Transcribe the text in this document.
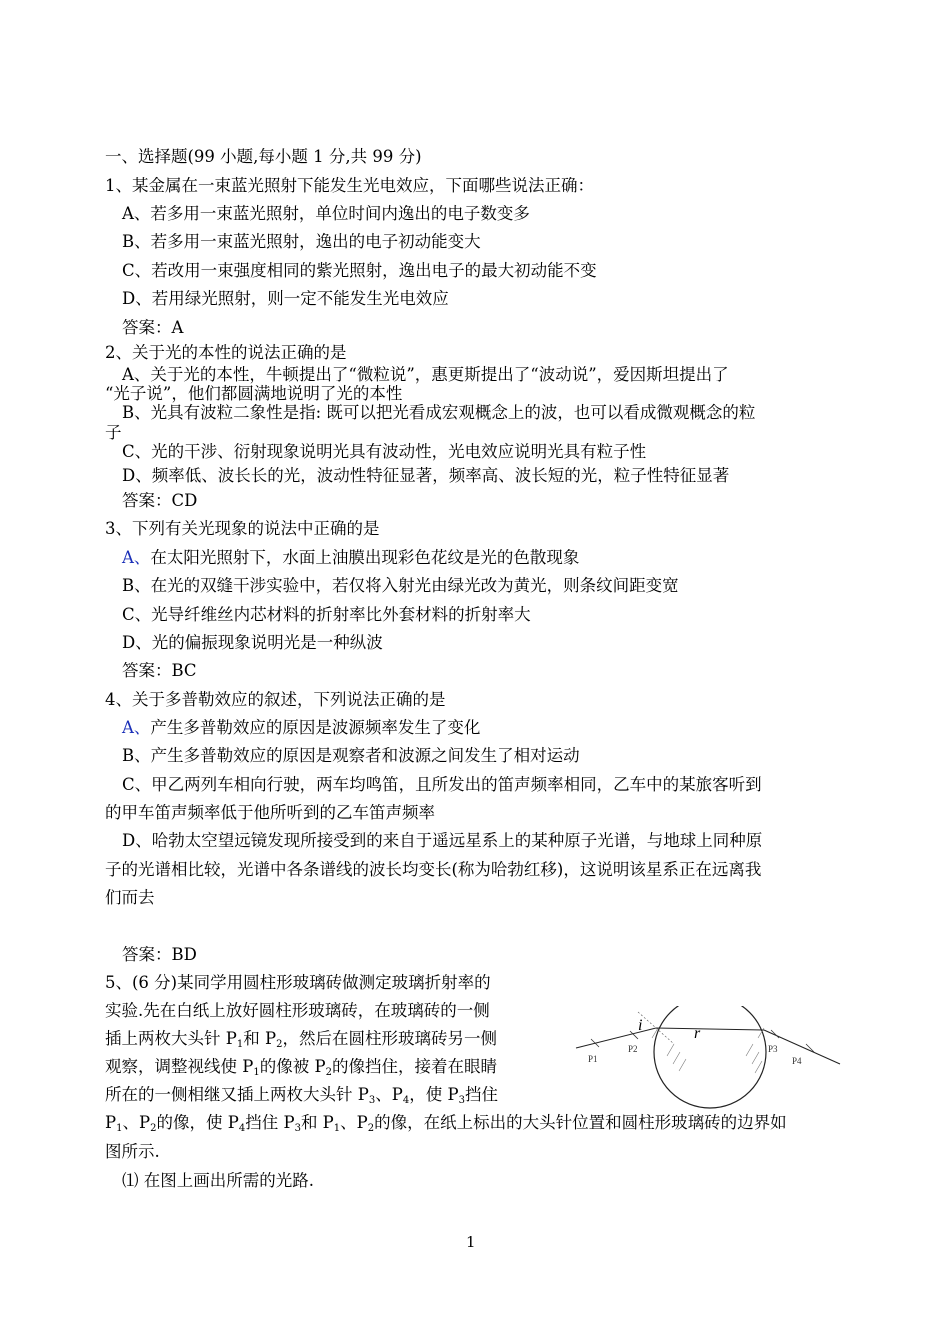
一、选择题(99 小题,每小题 1 分,共 99 分)
1、某金属在一束蓝光照射下能发生光电效应，下面哪些说法正确：
A、若多用一束蓝光照射，单位时间内逸出的电子数变多
B、若多用一束蓝光照射，逸出的电子初动能变大
C、若改用一束强度相同的紫光照射，逸出电子的最大初动能不变
D、若用绿光照射，则一定不能发生光电效应
答案：A
2、关于光的本性的说法正确的是
A、关于光的本性，牛顿提出了“微粒说”，惠更斯提出了“波动说”，爱因斯坦提出了
“光子说”，他们都圆满地说明了光的本性
B、光具有波粒二象性是指: 既可以把光看成宏观概念上的波，也可以看成微观概念的粒
子
C、光的干涉、衍射现象说明光具有波动性，光电效应说明光具有粒子性
D、频率低、波长长的光，波动性特征显著，频率高、波长短的光，粒子性特征显著
答案：CD
3、下列有关光现象的说法中正确的是
A、在太阳光照射下，水面上油膜出现彩色花纹是光的色散现象
B、在光的双缝干涉实验中，若仅将入射光由绿光改为黄光，则条纹间距变宽
C、光导纤维丝内芯材料的折射率比外套材料的折射率大
D、光的偏振现象说明光是一种纵波
答案：BC
4、关于多普勒效应的叙述，下列说法正确的是
A、产生多普勒效应的原因是波源频率发生了变化
B、产生多普勒效应的原因是观察者和波源之间发生了相对运动
C、甲乙两列车相向行驶，两车均鸣笛，且所发出的笛声频率相同，乙车中的某旅客听到
的甲车笛声频率低于他所听到的乙车笛声频率
D、哈勃太空望远镜发现所接受到的来自于遥远星系上的某种原子光谱，与地球上同种原
子的光谱相比较，光谱中各条谱线的波长均变长(称为哈勃红移)，这说明该星系正在远离我
们而去
答案：BD
5、(6 分)某同学用圆柱形玻璃砖做测定玻璃折射率的
实验.先在白纸上放好圆柱形玻璃砖，在玻璃砖的一侧
插上两枚大头针 $P_1$和 $P_2$，然后在圆柱形玻璃砖另一侧
观察，调整视线使 $P_1$的像被 $P_2$的像挡住，接着在眼睛
所在的一侧相继又插上两枚大头针 $P_3$、$P_4$，使 $P_3$挡住
$P_1$、$P_2$的像，使 $P_4$挡住 $P_3$和 $P_1$、$P_2$的像，在纸上标出的大头针位置和圆柱形玻璃砖的边界如
图所示.
⑴ 在图上画出所需的光路.
P1
P2	P3
P4
i	r
1
